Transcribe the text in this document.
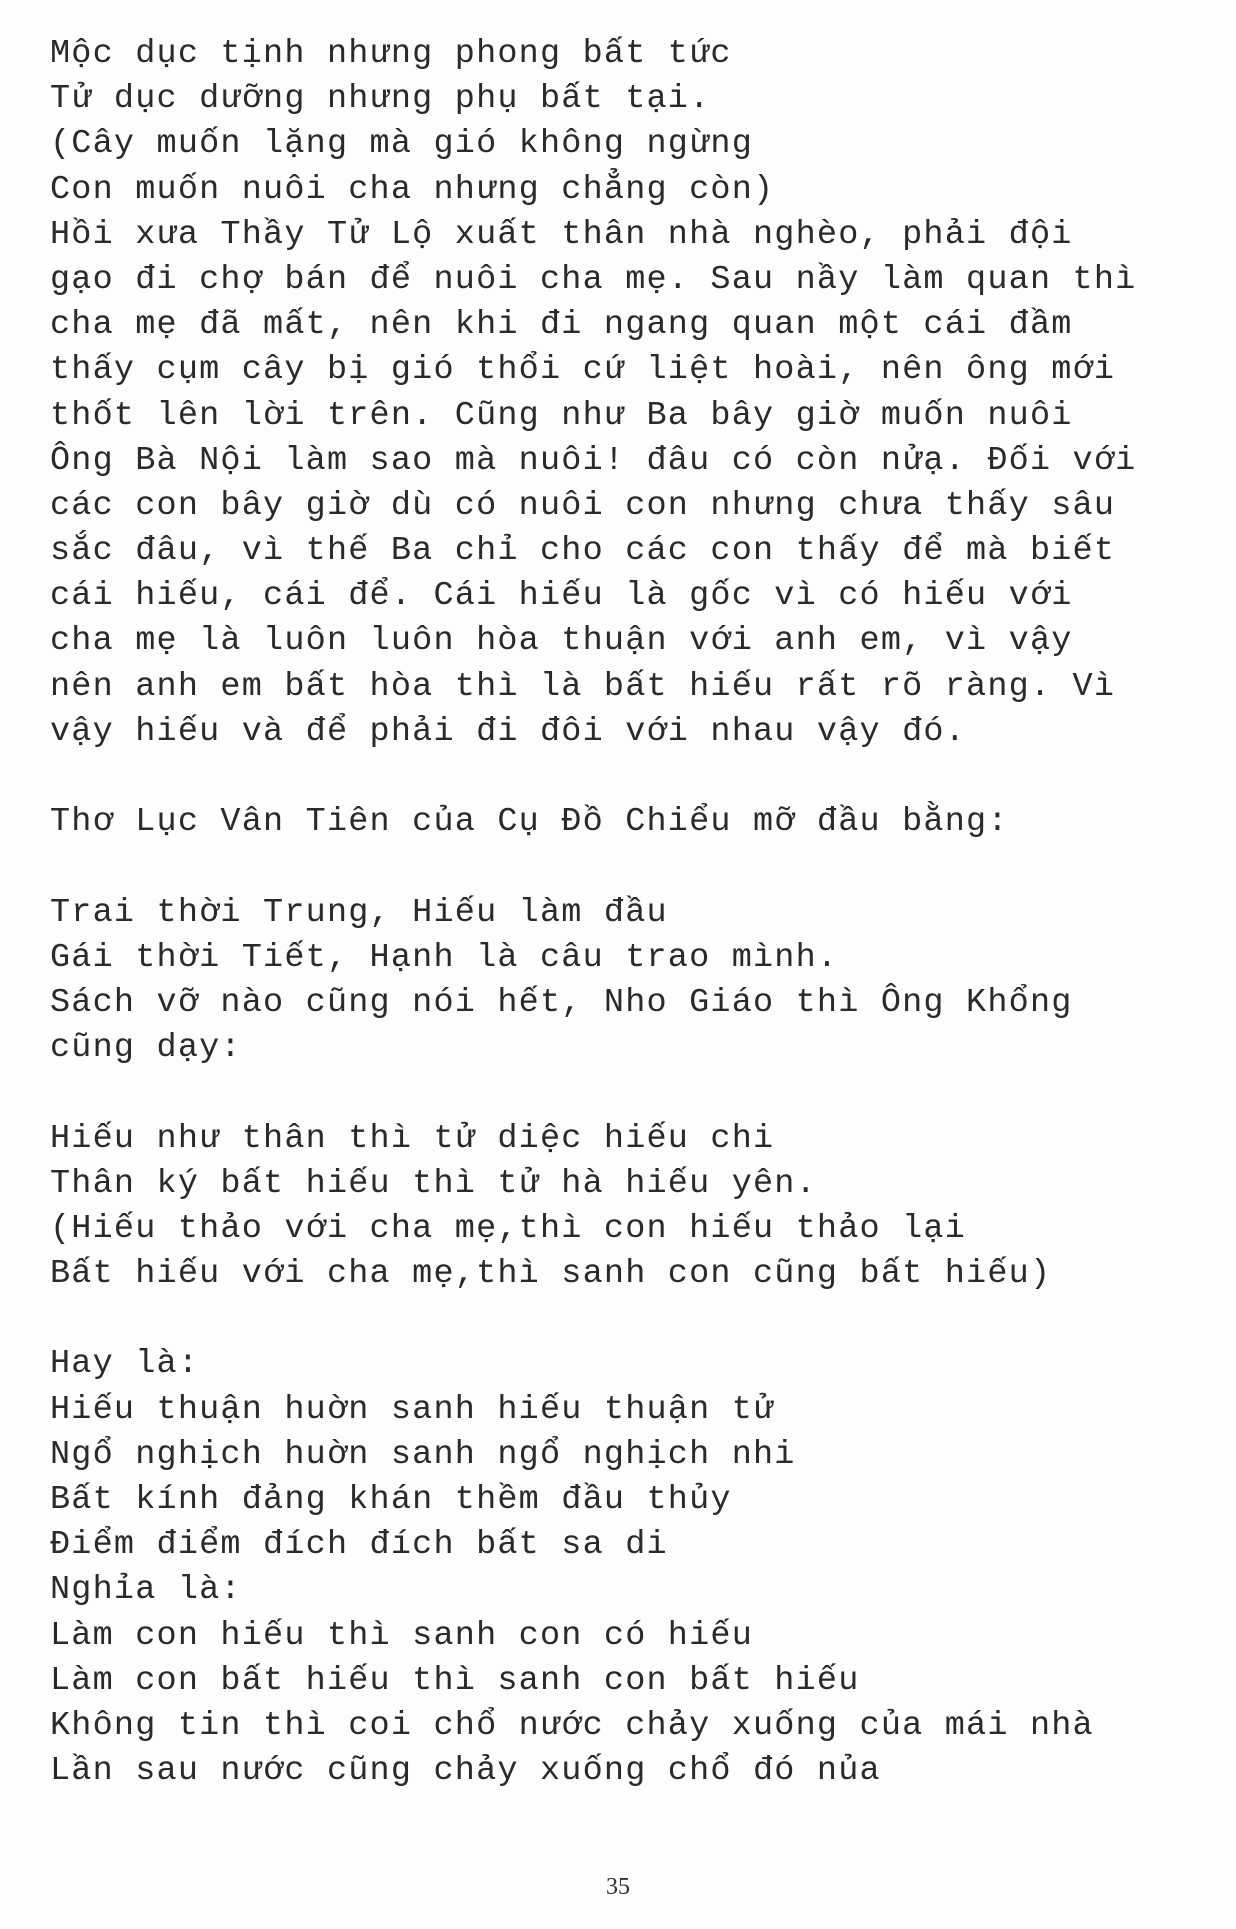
Mộc dục tịnh nhưng phong bất tức
Tử dục dưỡng nhưng phụ bất tại.
(Cây muốn lặng mà gió không ngừng
Con muốn nuôi cha nhưng chẳng còn)
Hồi xưa Thầy Tử Lộ xuất thân nhà nghèo, phải đội
gạo đi chợ bán để nuôi cha mẹ. Sau nầy làm quan thì
cha mẹ đã mất, nên khi đi ngang quan một cái đầm
thấy cụm cây bị gió thổi cứ liệt hoài, nên ông mới
thốt lên lời trên. Cũng như Ba bây giờ muốn nuôi
Ông Bà Nội làm sao mà nuôi! đâu có còn nửạ. Đối với
các con bây giờ dù có nuôi con nhưng chưa thấy sâu
sắc đâu, vì thế Ba chỉ cho các con thấy để mà biết
cái hiếu, cái để. Cái hiếu là gốc vì có hiếu với
cha mẹ là luôn luôn hòa thuận với anh em, vì vậy
nên anh em bất hòa thì là bất hiếu rất rõ ràng. Vì
vậy hiếu và để phải đi đôi với nhau vậy đó.
Thơ Lục Vân Tiên của Cụ Đồ Chiểu mỡ đầu bằng:
Trai thời Trung, Hiếu làm đầu
Gái thời Tiết, Hạnh là câu trao mình.
Sách vỡ nào cũng nói hết, Nho Giáo thì Ông Khổng
cũng dạy:
Hiếu như thân thì tử diệc hiếu chi
Thân ký bất hiếu thì tử hà hiếu yên.
(Hiếu thảo với cha mẹ,thì con hiếu thảo lại
Bất hiếu với cha mẹ,thì sanh con cũng bất hiếu)
Hay là:
Hiếu thuận huờn sanh hiếu thuận tử
Ngổ nghịch huờn sanh ngổ nghịch nhi
Bất kính đảng khán thềm đầu thủy
Điểm điểm đích đích bất sa di
Nghỉa là:
Làm con hiếu thì sanh con có hiếu
Làm con bất hiếu thì sanh con bất hiếu
Không tin thì coi chổ nước chảy xuống của mái nhà
Lần sau nước cũng chảy xuống chổ đó nủa
35
